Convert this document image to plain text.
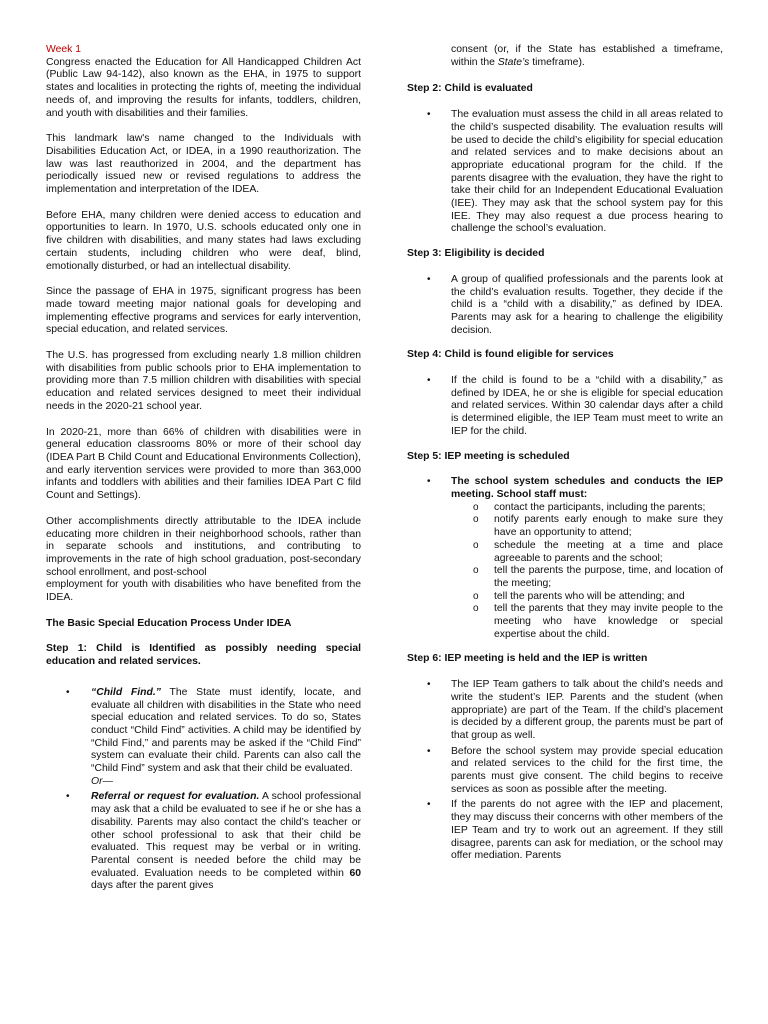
Week 1

Congress enacted the Education for All Handicapped Children Act (Public Law 94-142), also known as the EHA, in 1975 to support states and localities in protecting the rights of, meeting the individual needs of, and improving the results for infants, toddlers, children, and youth with disabilities and their families.

This landmark law's name changed to the Individuals with Disabilities Education Act, or IDEA, in a 1990 reauthorization. The law was last reauthorized in 2004, and the department has periodically issued new or revised regulations to address the implementation and interpretation of the IDEA.

Before EHA, many children were denied access to education and opportunities to learn. In 1970, U.S. schools educated only one in five children with disabilities, and many states had laws excluding certain students, including children who were deaf, blind, emotionally disturbed, or had an intellectual disability.

Since the passage of EHA in 1975, significant progress has been made toward meeting major national goals for developing and implementing effective programs and services for early intervention, special education, and related services.

The U.S. has progressed from excluding nearly 1.8 million children with disabilities from public schools prior to EHA implementation to providing more than 7.5 million children with disabilities with special education and related services designed to meet their individual needs in the 2020-21 school year.

In 2020-21, more than 66% of children with disabilities were in general education classrooms 80% or more of their school day (IDEA Part B Child Count and Educational Environments Collection), and early itervention services were provided to more than 363,000 infants and toddlers with abilities and their families IDEA Part C fild Count and Settings).

Other accomplishments directly attributable to the IDEA include educating more children in their neighborhood schools, rather than in separate schools and institutions, and contributing to improvements in the rate of high school graduation, post-secondary school enrollment, and post-school
employment for youth with disabilities who have benefited from the IDEA.

The Basic Special Education Process Under IDEA
Step 1: Child is Identified as possibly needing special education and related services.
• “Child Find.” The State must identify, locate, and evaluate all children with disabilities in the State who need special education and related services. To do so, States conduct “Child Find” activities. A child may be identified by “Child Find,” and parents may be asked if the “Child Find” system can evaluate their child. Parents can also call the “Child Find” system and ask that their child be evaluated.
Or—
• Referral or request for evaluation. A school professional may ask that a child be evaluated to see if he or she has a disability. Parents may also contact the child’s teacher or other school professional to ask that their child be evaluated. This request may be verbal or in writing. Parental consent is needed before the child may be evaluated. Evaluation needs to be completed within 60 days after the parent gives

consent (or, if the State has established a timeframe, within the State’s timeframe).

Step 2: Child is evaluated
• The evaluation must assess the child in all areas related to the child’s suspected disability. The evaluation results will be used to decide the child’s eligibility for special education and related services and to make decisions about an appropriate educational program for the child. If the parents disagree with the evaluation, they have the right to take their child for an Independent Educational Evaluation (IEE). They may ask that the school system pay for this IEE. They may also request a due process hearing to challenge the school’s evaluation.
Step 3: Eligibility is decided
• A group of qualified professionals and the parents look at the child’s evaluation results. Together, they decide if the child is a “child with a disability,” as defined by IDEA. Parents may ask for a hearing to challenge the eligibility decision.
Step 4: Child is found eligible for services
• If the child is found to be a “child with a disability,” as defined by IDEA, he or she is eligible for special education and related services. Within 30 calendar days after a child is determined eligible, the IEP Team must meet to write an IEP for the child.
Step 5: IEP meeting is scheduled
• The school system schedules and conducts the IEP meeting. School staff must:
o contact the participants, including the parents;
o notify parents early enough to make sure they have an opportunity to attend;
o schedule the meeting at a time and place agreeable to parents and the school;
o tell the parents the purpose, time, and location of the meeting;
o tell the parents who will be attending; and
o tell the parents that they may invite people to the meeting who have knowledge or special expertise about the child.
Step 6: IEP meeting is held and the IEP is written
• The IEP Team gathers to talk about the child’s needs and write the student’s IEP. Parents and the student (when appropriate) are part of the Team. If the child’s placement is decided by a different group, the parents must be part of that group as well.
• Before the school system may provide special education and related services to the child for the first time, the parents must give consent. The child begins to receive services as soon as possible after the meeting.
• If the parents do not agree with the IEP and placement, they may discuss their concerns with other members of the IEP Team and try to work out an agreement. If they still disagree, parents can ask for mediation, or the school may offer mediation. Parents
